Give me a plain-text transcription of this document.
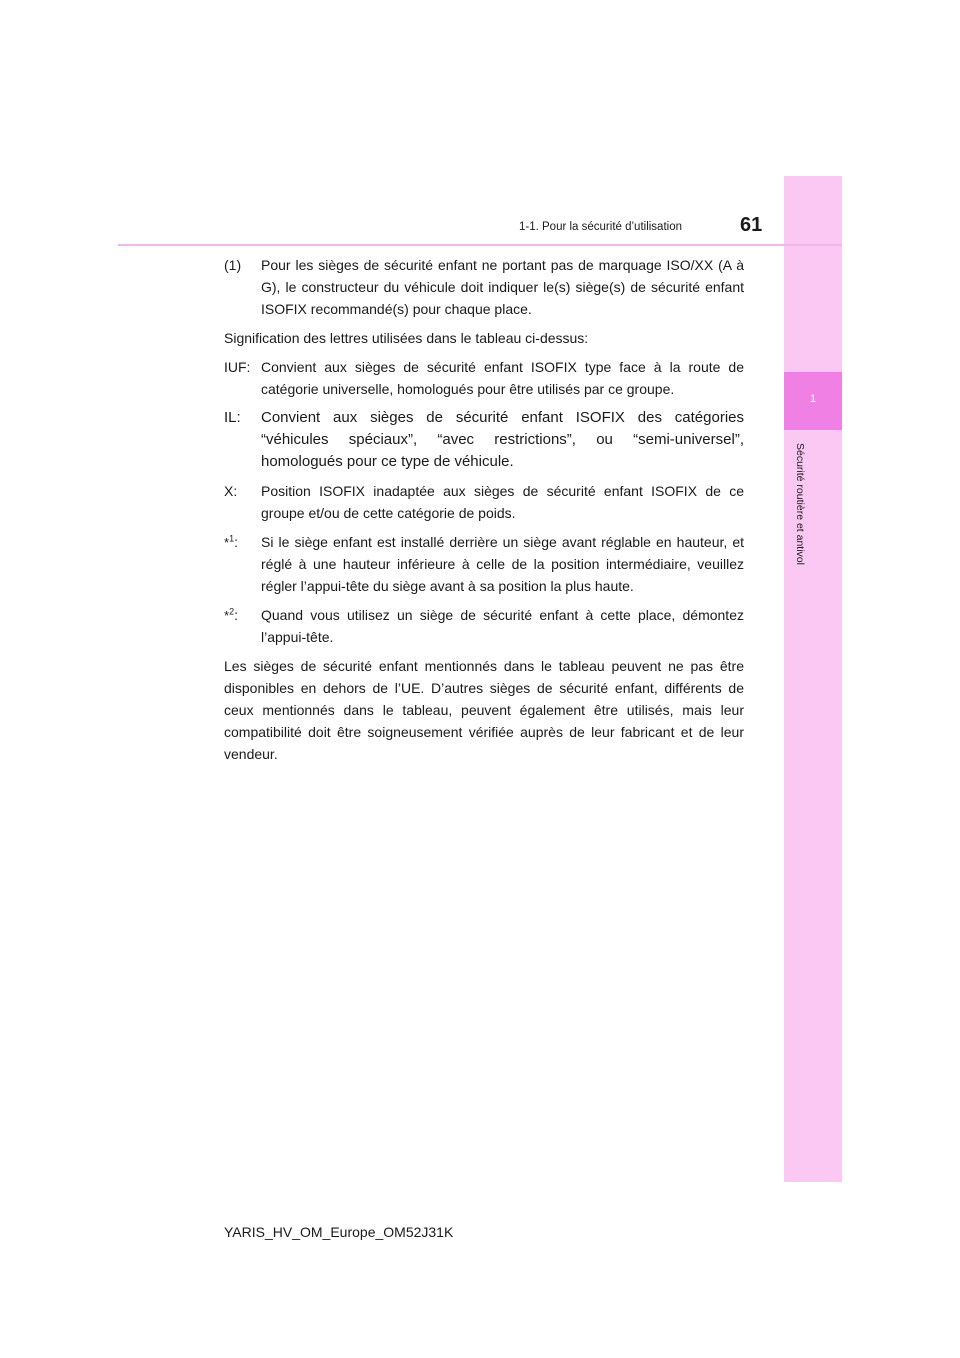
1
Sécurité routière et antivol
1-1. Pour la sécurité d’utilisation	61
(1)	Pour les sièges de sécurité enfant ne portant pas de marquage ISO/XX (A à G), le constructeur du véhicule doit indiquer le(s) siège(s) de sécurité enfant ISOFIX recommandé(s) pour chaque place.
Signification des lettres utilisées dans le tableau ci-dessus:
IUF: Convient aux sièges de sécurité enfant ISOFIX type face à la route de catégorie universelle, homologués pour être utilisés par ce groupe.
IL:	Convient aux sièges de sécurité enfant ISOFIX des catégories “véhicules spéciaux”, “avec restrictions”, ou “semi-universel”, homologués pour ce type de véhicule.
X:	Position ISOFIX inadaptée aux sièges de sécurité enfant ISOFIX de ce groupe et/ou de cette catégorie de poids.
*$^1$:	Si le siège enfant est installé derrière un siège avant réglable en hauteur, et réglé à une hauteur inférieure à celle de la position intermédiaire, veuillez régler l’appui-tête du siège avant à sa position la plus haute.
*$^2$:	Quand vous utilisez un siège de sécurité enfant à cette place, démontez l’appui-tête.
Les sièges de sécurité enfant mentionnés dans le tableau peuvent ne pas être disponibles en dehors de l’UE. D’autres sièges de sécurité enfant, différents de ceux mentionnés dans le tableau, peuvent également être utilisés, mais leur compatibilité doit être soigneusement vérifiée auprès de leur fabricant et de leur vendeur.
YARIS_HV_OM_Europe_OM52J31K
